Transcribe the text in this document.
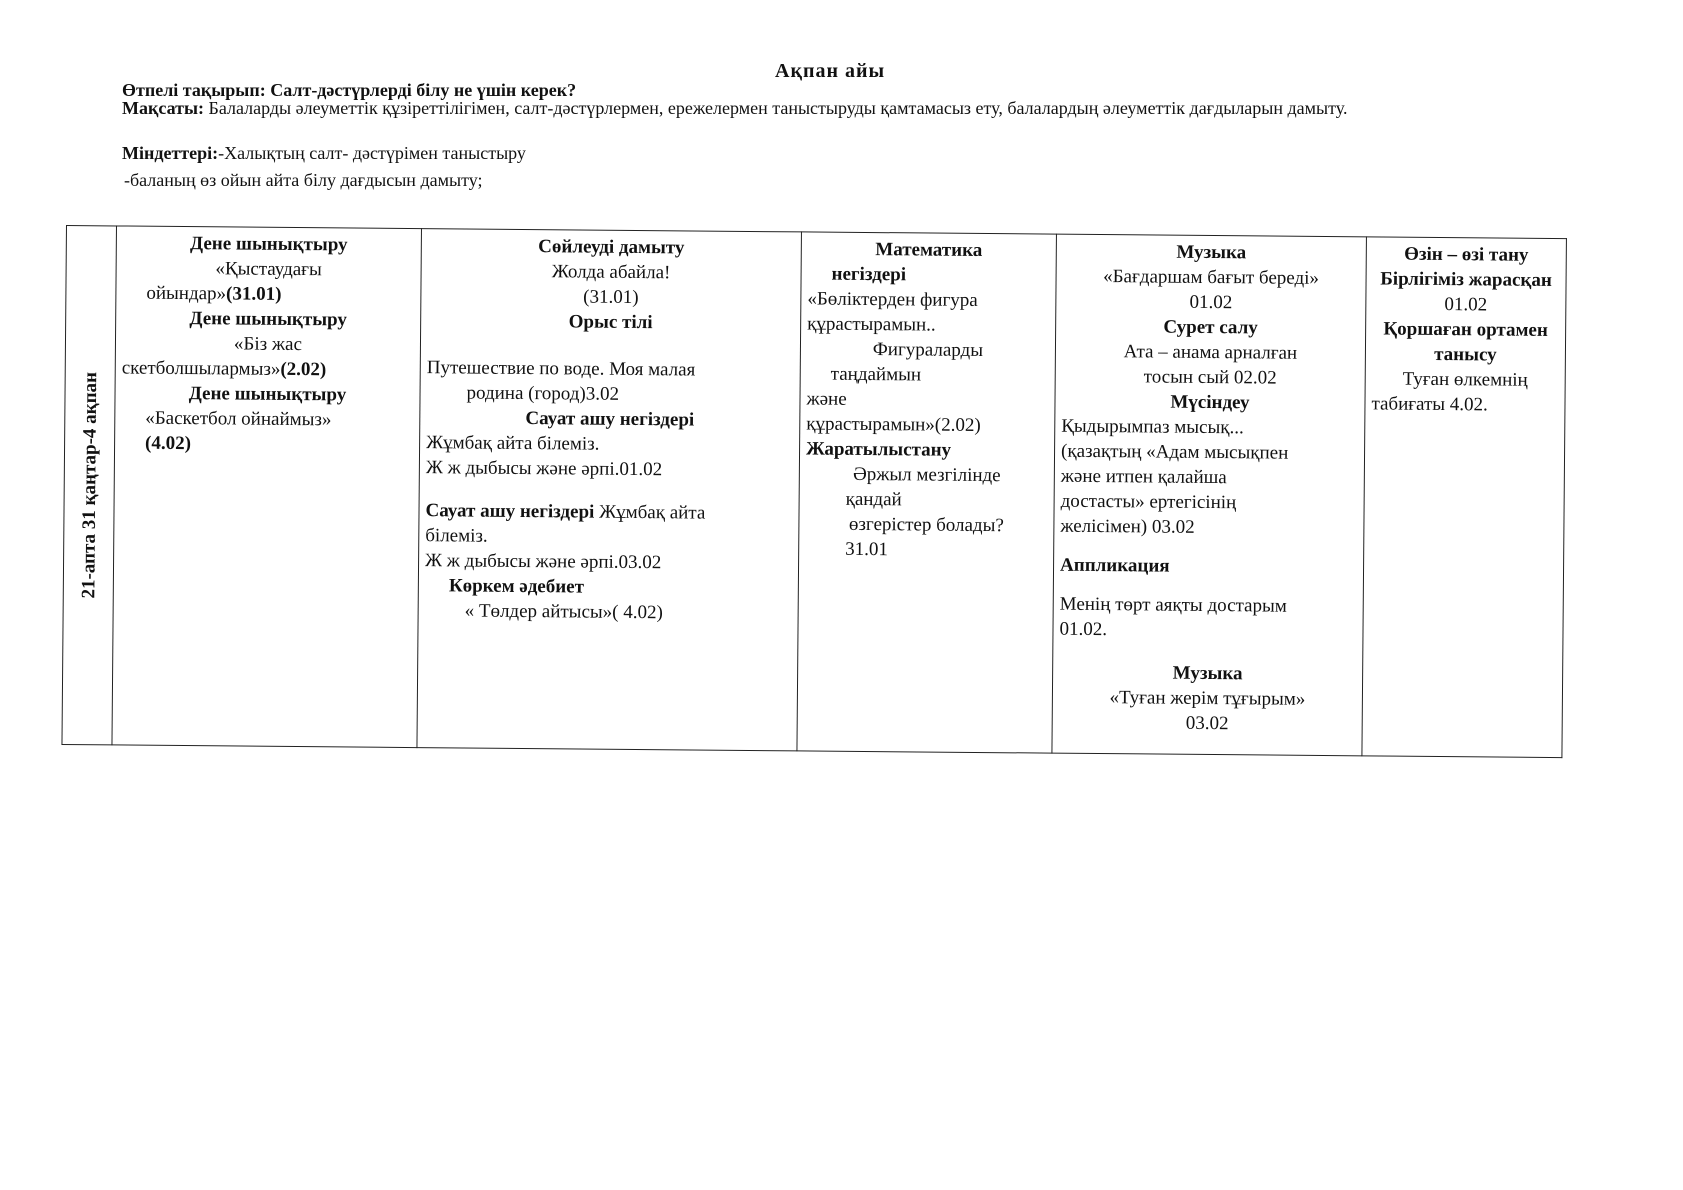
Ақпан айы
Өтпелі тақырып: Салт-дәстүрлерді білу не үшін керек?
Мақсаты: Балаларды әлеуметтік құзіреттілігімен, салт-дәстүрлермен, ережелермен таныстыруды қамтамасыз ету, балалардың әлеуметтік дағдыларын дамыту.
Міндеттері:-Халықтың салт- дәстүрімен таныстыру
-баланың өз ойын айта білу дағдысын дамыту;
21-апта 31 қаңтар-4 ақпан

Дене шынықтыру
«Қыстаудағы
ойындар»(31.01)
Дене шынықтыру
«Біз жас
скетболшылармыз»(2.02)
Дене шынықтыру
«Баскетбол ойнаймыз»
(4.02)

Сөйлеуді дамыту
Жолда абайла!
(31.01)
Орыс тілі
Путешествие по воде. Моя малая
родина (город)3.02
Сауат ашу негіздері
Жұмбақ айта білеміз.
Ж ж дыбысы және әрпі.01.02
Сауат ашу негіздері Жұмбақ айта
білеміз.
Ж ж дыбысы және әрпі.03.02
Көркем әдебиет
« Төлдер айтысы»( 4.02)

Математика
негіздері
«Бөліктерден фигура
құрастырамын..
Фигураларды
таңдаймын
және
құрастырамын»(2.02)
Жаратылыстану
Әржыл мезгілінде
қандай
өзгерістер болады?
31.01

Музыка
«Бағдаршам бағыт береді»
01.02
Сурет салу
Ата – анама арналған
тосын сый 02.02
Мүсіндеу
Қыдырымпаз мысық...
(қазақтың «Адам мысықпен
және итпен қалайша
достасты» ертегісінің
желісімен) 03.02
Аппликация
Менің төрт аяқты достарым
01.02.
Музыка
«Туған жерім тұғырым»
03.02

Өзін – өзі тану
Бірлігіміз жарасқан
01.02
Қоршаған ортамен
танысу
Туған өлкемнің
табиғаты 4.02.
